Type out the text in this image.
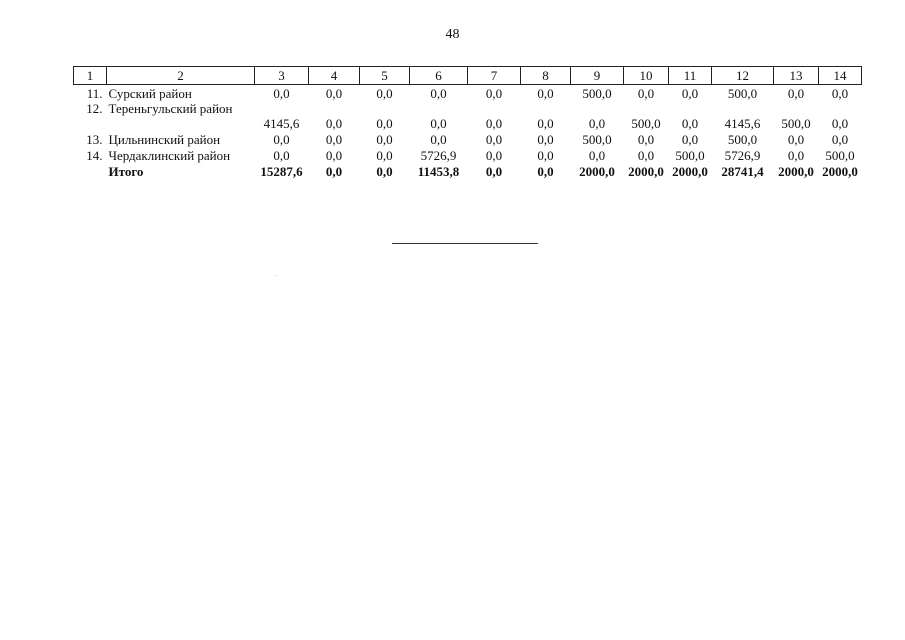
48
1	2	3	4	5	6	7	8	9	10	11	12	13	14
11.	Сурский район	0,0	0,0	0,0	0,0	0,0	0,0	500,0	0,0	0,0	500,0	0,0	0,0
12.	Тереньгульский район	4145,6	0,0	0,0	0,0	0,0	0,0	0,0	500,0	0,0	4145,6	500,0	0,0
13.	Цильнинский район	0,0	0,0	0,0	0,0	0,0	0,0	500,0	0,0	0,0	500,0	0,0	0,0
14.	Чердаклинский район	0,0	0,0	0,0	5726,9	0,0	0,0	0,0	0,0	500,0	5726,9	0,0	500,0
	Итого	15287,6	0,0	0,0	11453,8	0,0	0,0	2000,0	2000,0	2000,0	28741,4	2000,0	2000,0
